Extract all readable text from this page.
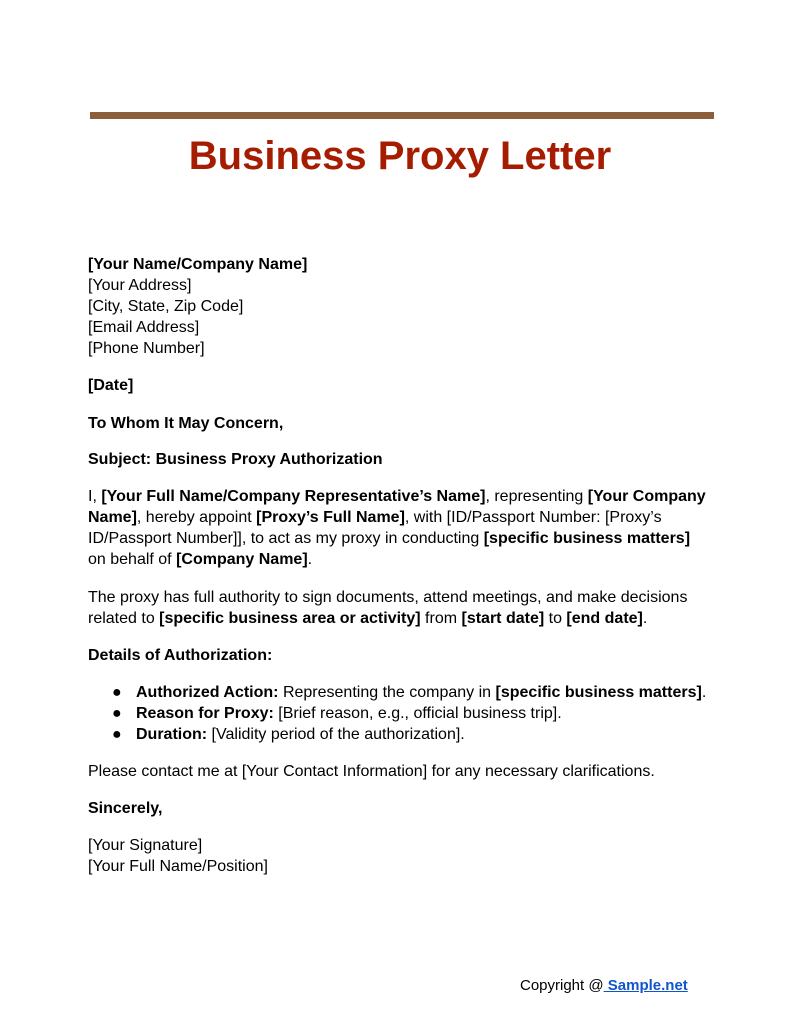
Business Proxy Letter
[Your Name/Company Name]
[Your Address]
[City, State, Zip Code]
[Email Address]
[Phone Number]
[Date]
To Whom It May Concern,
Subject: Business Proxy Authorization

I, [Your Full Name/Company Representative’s Name], representing [Your Company Name], hereby appoint [Proxy’s Full Name], with [ID/Passport Number: [Proxy’s ID/Passport Number]], to act as my proxy in conducting [specific business matters] on behalf of [Company Name].

The proxy has full authority to sign documents, attend meetings, and make decisions related to [specific business area or activity] from [start date] to [end date].

Details of Authorization:
● Authorized Action: Representing the company in [specific business matters].
● Reason for Proxy: [Brief reason, e.g., official business trip].
● Duration: [Validity period of the authorization].
Please contact me at [Your Contact Information] for any necessary clarifications.
Sincerely,
[Your Signature]
[Your Full Name/Position]
Copyright @ Sample.net
